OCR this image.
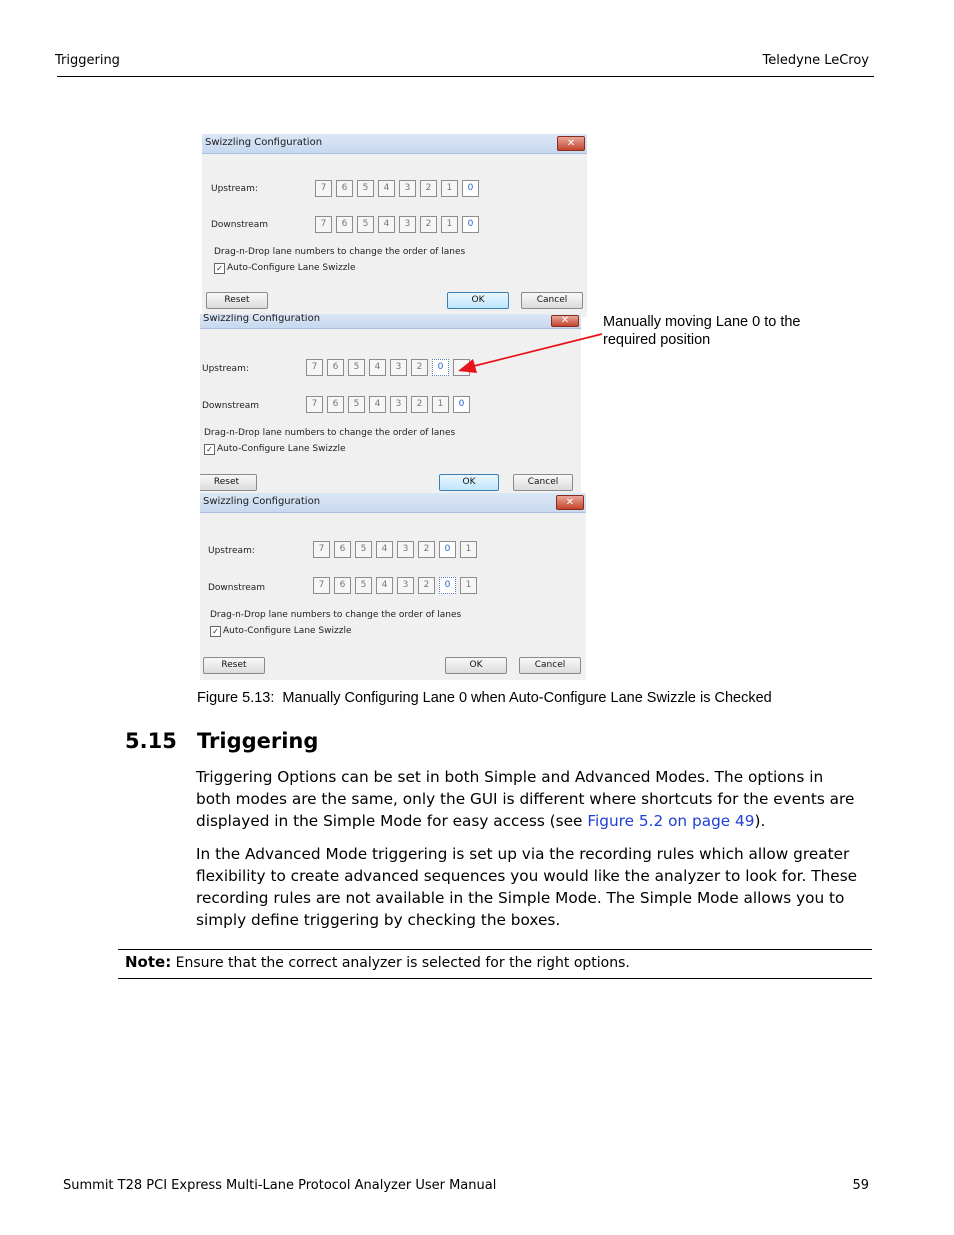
Triggering	Teledyne LeCroy
Swizzling Configuration	✕
Upstream:	7	6	5	4	3	2	1	0
Downstream	7	6	5	4	3	2	1	0
Drag-n-Drop lane numbers to change the order of lanes
✓ Auto-Configure Lane Swizzle
Reset	OK	Cancel
Swizzling Configuration	✕
Upstream:	7	6	5	4	3	2	0
Downstream	7	6	5	4	3	2	1	0
Drag-n-Drop lane numbers to change the order of lanes
✓ Auto-Configure Lane Swizzle
Reset	OK	Cancel
Swizzling Configuration	✕
Upstream:	7	6	5	4	3	2	0	1
Downstream	7	6	5	4	3	2	0	1
Drag-n-Drop lane numbers to change the order of lanes
✓ Auto-Configure Lane Swizzle
Reset	OK	Cancel
Manually moving Lane 0 to the required position
Figure 5.13:  Manually Configuring Lane 0 when Auto-Configure Lane Swizzle is Checked
5.15 Triggering
Triggering Options can be set in both Simple and Advanced Modes. The options in both modes are the same, only the GUI is different where shortcuts for the events are displayed in the Simple Mode for easy access (see Figure 5.2 on page 49).
In the Advanced Mode triggering is set up via the recording rules which allow greater flexibility to create advanced sequences you would like the analyzer to look for. These recording rules are not available in the Simple Mode. The Simple Mode allows you to simply define triggering by checking the boxes.
Note: Ensure that the correct analyzer is selected for the right options.
Summit T28 PCI Express Multi-Lane Protocol Analyzer User Manual	59
